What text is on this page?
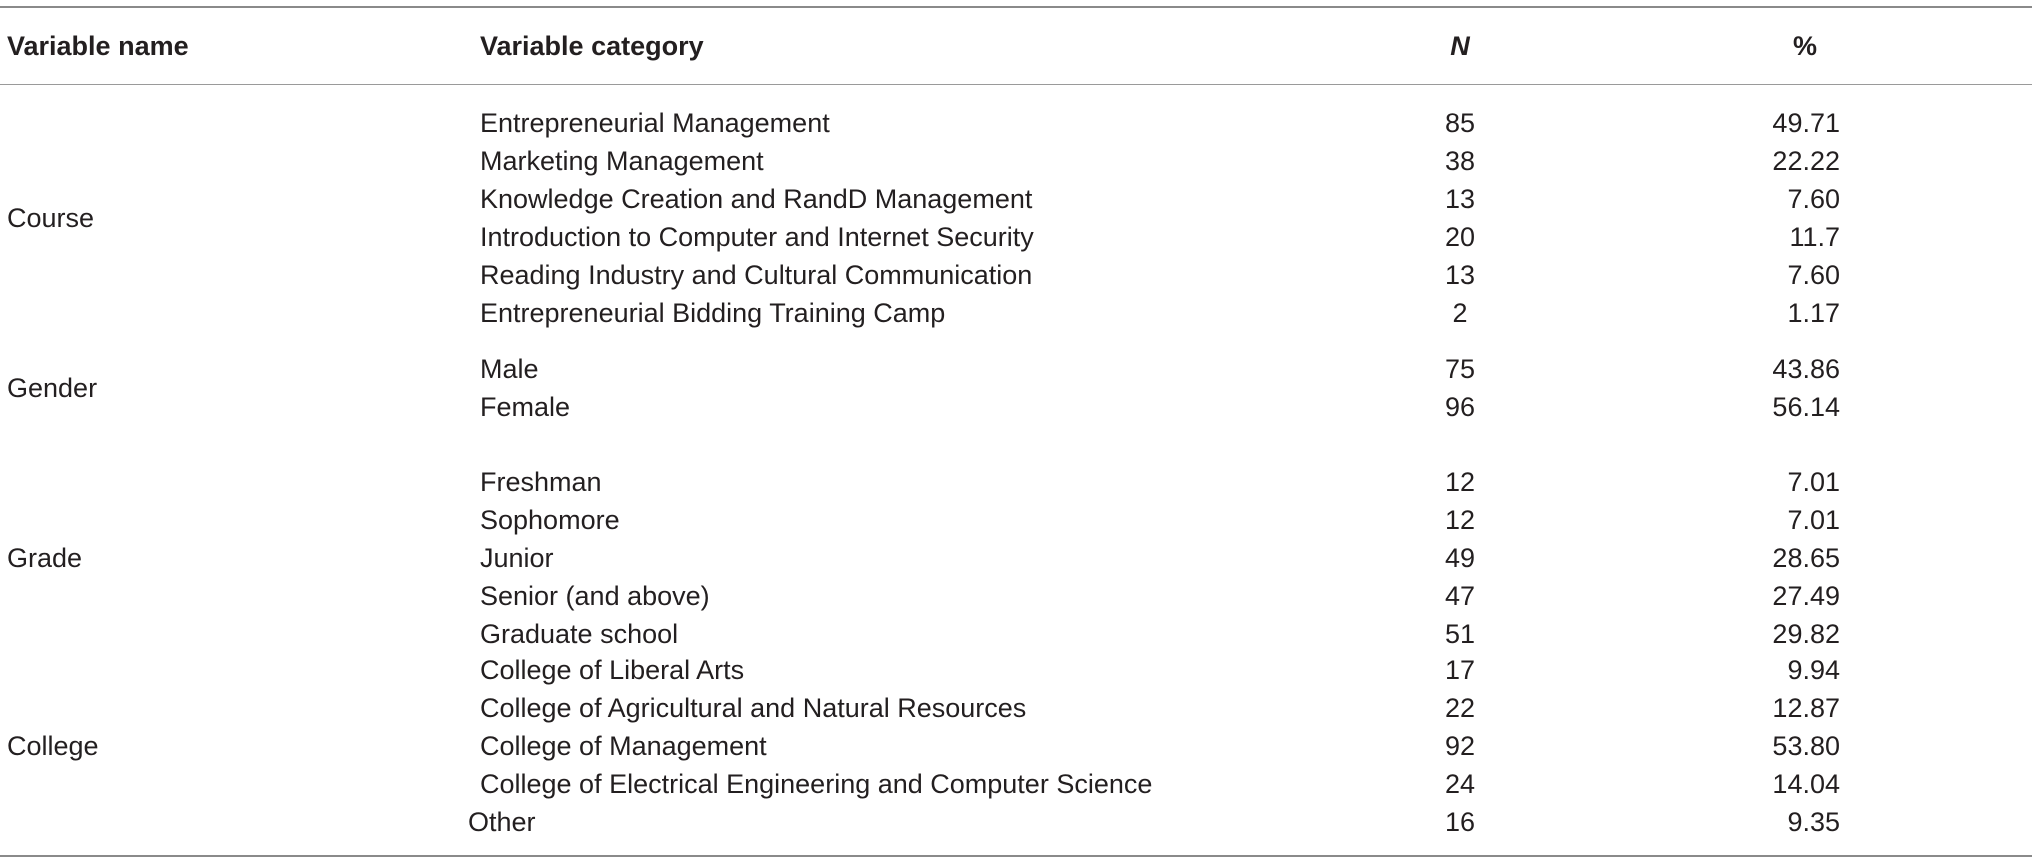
Variable name	Variable category	N	%
Course
Entrepreneurial Management	85	49.71
Marketing Management	38	22.22
Knowledge Creation and RandD Management	13	7.60
Introduction to Computer and Internet Security	20	11.7
Reading Industry and Cultural Communication	13	7.60
Entrepreneurial Bidding Training Camp	2	1.17
Gender
Male	75	43.86
Female	96	56.14
Grade
Freshman	12	7.01
Sophomore	12	7.01
Junior	49	28.65
Senior (and above)	47	27.49
Graduate school	51	29.82
College
College of Liberal Arts	17	9.94
College of Agricultural and Natural Resources	22	12.87
College of Management	92	53.80
College of Electrical Engineering and Computer Science	24	14.04
Other	16	9.35
